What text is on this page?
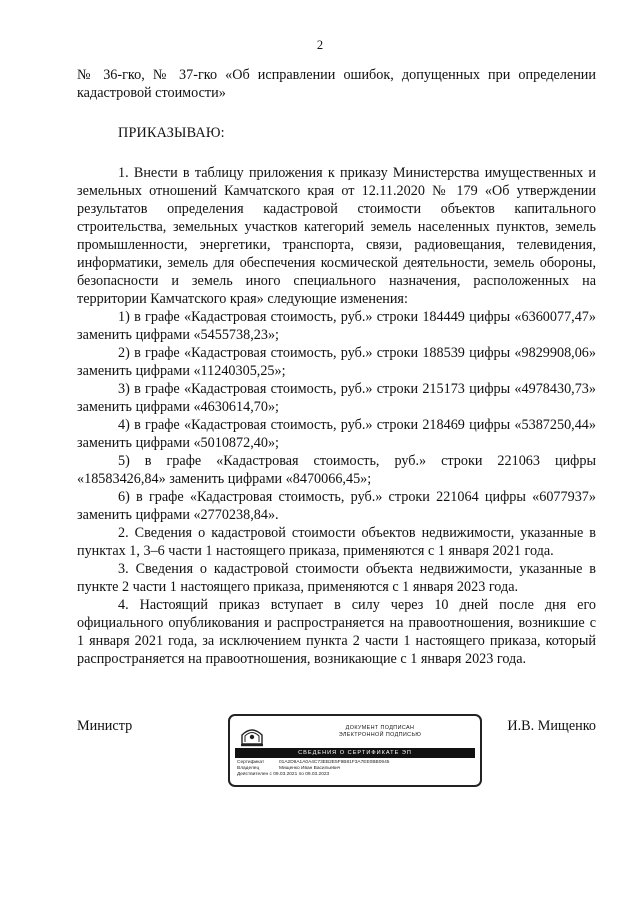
2

№ 36-гко, № 37-гко «Об исправлении ошибок, допущенных при определении кадастровой стоимости»

ПРИКАЗЫВАЮ:

1. Внести в таблицу приложения к приказу Министерства имущественных и земельных отношений Камчатского края от 12.11.2020 № 179 «Об утверждении результатов определения кадастровой стоимости объектов капитального строительства, земельных участков категорий земель населенных пунктов, земель промышленности, энергетики, транспорта, связи, радиовещания, телевидения, информатики, земель для обеспечения космической деятельности, земель обороны, безопасности и земель иного специального назначения, расположенных на территории Камчатского края» следующие изменения:

1) в графе «Кадастровая стоимость, руб.» строки 184449 цифры «6360077,47» заменить цифрами «5455738,23»;

2) в графе «Кадастровая стоимость, руб.» строки 188539 цифры «9829908,06» заменить цифрами «11240305,25»;

3) в графе «Кадастровая стоимость, руб.» строки 215173 цифры «4978430,73» заменить цифрами «4630614,70»;

4) в графе «Кадастровая стоимость, руб.» строки 218469 цифры «5387250,44» заменить цифрами «5010872,40»;

5) в графе «Кадастровая стоимость, руб.» строки 221063 цифры «18583426,84» заменить цифрами «8470066,45»;

6) в графе «Кадастровая стоимость, руб.» строки 221064 цифры «6077937» заменить цифрами «2770238,84».

2. Сведения о кадастровой стоимости объектов недвижимости, указанные в пунктах 1, 3–6 части 1 настоящего приказа, применяются с 1 января 2021 года.

3. Сведения о кадастровой стоимости объекта недвижимости, указанные в пункте 2 части 1 настоящего приказа, применяются с 1 января 2023 года.

4. Настоящий приказ вступает в силу через 10 дней после дня его официального опубликования и распространяется на правоотношения, возникшие с 1 января 2021 года, за исключением пункта 2 части 1 настоящего приказа, который распространяется на правоотношения, возникающие с 1 января 2023 года.

Министр	ДОКУМЕНТ ПОДПИСАН
ЭЛЕКТРОННОЙ ПОДПИСЬЮ
СВЕДЕНИЯ О СЕРТИФИКАТЕ ЭП
Сертификат	01A2D9A1A0A4C73EB2E5F9B81F3A7EE0BB0945
Владелец	Мищенко Иван Васильевич
Действителен с 09.03.2021 по 09.03.2023
И.В. Мищенко
